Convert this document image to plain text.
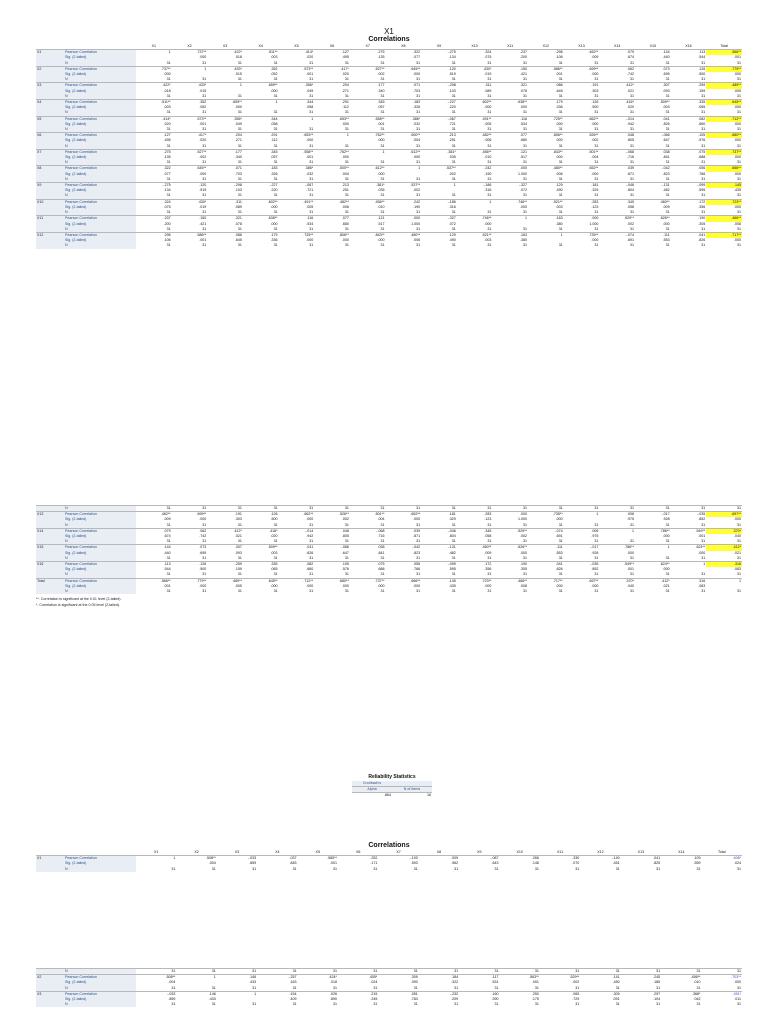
X1
Correlations
		X1	X2	X3	X4	X5	X6	X7	X8	X9	X10	X11	X12	X13	X14	X15	X16	Total
X1	Pearson Correlation	1	.737**	.422*	.511**	.414*	.127	.275	.322	-.275	.324	.237	.296	.462**	.079	.144	.113	.566**
	Sig. (2-tailed)		.000	.018	.003	.020	.495	.135	.077	.134	.075	.200	.106	.009	.674	.440	.544	.001
	N	31	31	31	31	31	31	31	31	31	31	31	31	31	31	31	31	31
X2	Pearson Correlation	.737**	1	.433*	.352	.573**	.417*	.527**	.645**	.120	.430*	.150	.586**	.699**	.062	.073	.126	.779**
	Sig. (2-tailed)	.000		.015	.052	.001	.020	.002	.000	.519	.019	.421	.001	.000	.742	.695	.500	.000
	N	31	31	31	31	31	31	31	31	31	31	31	31	31	31	31	31	31
X3	Pearson Correlation	.422*	.433*	1	.659**	.356*	.204	.177	.071	-.298	.311	.321	.086	.191	.412*	.307	.259	.489**
	Sig. (2-tailed)	.018	.015		.000	.049	.271	.340	.703	.103	.089	.078	.645	.303	.021	.093	.159	.005
	N	31	31	31	31	31	31	31	31	31	31	31	31	31	31	31	31	31
X4	Pearson Correlation	.511**	.352	.659**	1	.344	.291	.345	.183	-.227	.602**	.638**	.179	.126	.416*	.509**	.335	.645**
	Sig. (2-tailed)	.003	.052	.000		.058	.112	.057	.326	.220	.000	.000	.336	.500	.020	.003	.065	.000
	N	31	31	31	31	31	31	31	31	31	31	31	31	31	31	31	31	31
X5	Pearson Correlation	.414*	.573**	.356*	.344	1	.653**	.558**	.386*	-.067	.491**	.116	.725**	.662**	-.014	.041	.082	.712**
	Sig. (2-tailed)	.020	.001	.049	.058		.000	.001	.032	.721	.005	.534	.000	.000	.942	.826	.660	.000
	N	31	31	31	31	31	31	31	31	31	31	31	31	31	31	31	31	31
X6	Pearson Correlation	.127	.417*	.204	.291	.653**	1	.762**	.500**	.213	.482**	.077	.806**	.526**	.048	-.066	.105	.680**
	Sig. (2-tailed)	.495	.020	.271	.112	.000		.000	.004	.251	.006	.680	.000	.002	.805	.647	.576	.000
	N	31	31	31	31	31	31	31	31	31	31	31	31	31	31	31	31	31
X7	Pearson Correlation	.275	.527**	.177	.345	.558**	.762**	1	.612**	.381*	.456**	.121	.843**	.501**	-.068	.038	.075	.737**
	Sig. (2-tailed)	.135	.002	.340	.057	.001	.000		.000	.035	.010	.517	.000	.004	.716	.841	.688	.000
	N	31	31	31	31	31	31	31	31	31	31	31	31	31	31	31	31	31
X8	Pearson Correlation	.322	.645**	.071	.183	.386*	.500**	.612**	1	.537**	.242	.000	.480**	.652**	.039	-.042	.056	.666**
	Sig. (2-tailed)	.077	.000	.703	.326	.032	.004	.000		.002	.190	1.000	.006	.000	.871	.823	.766	.000
	N	31	31	31	31	31	31	31	31	31	31	31	31	31	31	31	31	31
X9	Pearson Correlation	-.275	.120	-.298	-.227	-.067	.213	.381*	.537**	1	-.186	-.327	.129	.181	-.046	-.131	-.099	.145
	Sig. (2-tailed)	.134	.519	.103	.220	.721	.251	.035	.002		.316	.072	.490	.329	.804	.482	.595	.435
	N	31	31	31	31	31	31	31	31	31	31	31	31	31	31	31	31	31
X10	Pearson Correlation	.324	.430*	.311	.602**	.491**	.482**	.456**	.242	-.186	1	.746**	.521**	.283	.345	.460**	.172	.723**
	Sig. (2-tailed)	.075	.019	.089	.000	.005	.006	.010	.190	.316		.000	.003	.123	.058	.009	.356	.000
	N	31	31	31	31	31	31	31	31	31	31	31	31	31	31	31	31	31
X11	Pearson Correlation	.237	.150	.321	.638**	.116	.077	.121	.000	-.327	.746**	1	.163	.000	.529**	.626**	.190	.466**
	Sig. (2-tailed)	.200	.421	.078	.000	.534	.680	.517	1.000	.072	.000		.380	1.000	.002	.000	.305	.008
	N	31	31	31	31	31	31	31	31	31	31	31	31	31	31	31	31	31
X12	Pearson Correlation	.296	.586**	.086	.179	.725**	.806**	.843**	.480**	.129	.521**	.163	1	.735**	-.074	.111	.041	.717**
	Sig. (2-tailed)	.106	.001	.645	.336	.000	.000	.000	.006	.490	.003	.380		.000	.691	.553	.826	.000
	N	31	31	31	31	31	31	31	31	31	31	31	31	31	31	31	31	31
	N	31	31	31	31	31	31	31	31	31	31	31	31	31	31	31	31	31
X13	Pearson Correlation	.462**	.699**	.191	.126	.662**	.526**	.501**	.652**	.181	.283	.000	.735**	1	.006	-.017	-.035	.697**
	Sig. (2-tailed)	.009	.000	.303	.500	.000	.002	.004	.000	.329	.123	1.000	.000		.975	.928	.852	.000
	N	31	31	31	31	31	31	31	31	31	31	31	31	31	31	31	31	31
X14	Pearson Correlation	.079	.062	.412*	.416*	-.014	.048	-.068	.039	-.046	.345	.529**	-.074	.006	1	.786**	.549**	.370*
	Sig. (2-tailed)	.674	.742	.021	.020	.942	.805	.716	.871	.804	.058	.002	.691	.975		.000	.001	.040
	N	31	31	31	31	31	31	31	31	31	31	31	31	31	31	31	31	31
X15	Pearson Correlation	.144	.073	.307	.509**	.041	-.086	.038	-.042	-.131	.460**	.626**	.111	-.017	.786**	1	.624**	.412*
	Sig. (2-tailed)	.440	.695	.093	.003	.826	.647	.841	.823	.482	.009	.000	.553	.928	.000		.000	.021
	N	31	31	31	31	31	31	31	31	31	31	31	31	31	31	31	31	31
X16	Pearson Correlation	.113	.126	.259	.335	.082	.105	.075	.056	-.099	.172	.190	.041	-.035	.549**	.624**	1	.316
	Sig. (2-tailed)	.544	.500	.159	.065	.660	.576	.688	.766	.595	.356	.305	.826	.852	.001	.000		.083
	N	31	31	31	31	31	31	31	31	31	31	31	31	31	31	31	31	31
Total	Pearson Correlation	.566**	.779**	.489**	.645**	.712**	.680**	.737**	.666**	.145	.723**	.466**	.717**	.697**	.370*	.412*	.316	1
	Sig. (2-tailed)	.001	.000	.005	.000	.000	.000	.000	.000	.435	.000	.008	.000	.000	.040	.021	.083	
	N	31	31	31	31	31	31	31	31	31	31	31	31	31	31	31	31	31
**. Correlation is significant at the 0.01 level (2-tailed).
*. Correlation is significant at the 0.05 level (2-tailed).
Reliability Statistics
Cronbach's	

Alpha	N of Items
.864	16
Correlations
		X1	X2	X3	X4	X5	X6	X7	X8	X9	X10	X11	X12	X13	X14	Total
X1	Pearson Correlation	1	.508**	-.033	.037	.585**	.252	-.100	.009	-.087	.266	.330	-.140	.041	.109	.408*
	Sig. (2-tailed)		.004	.859	.845	.001	.171	.593	.962	.643	.148	.070	.451	.825	.559	.024
	N	31	31	31	31	31	31	31	31	31	31	31	31	31	31	31
	N	31	31	31	31	31	31	31	31	31	31	31	31	31	31	31
X2	Pearson Correlation	.508**	1	.146	-.257	.424*	.405*	.309	.184	.117	.563**	.529**	.141	.245	.456**	.703**
	Sig. (2-tailed)	.004		.433	.163	.018	.024	.090	.322	.531	.001	.002	.450	.185	.010	.000
	N	31	31	31	31	31	31	31	31	31	31	31	31	31	31	31
X3	Pearson Correlation	-.033	.146	1	.154	.026	.215	.051	-.232	.160	.250	.065	.309	.297	.368*	.451*
	Sig. (2-tailed)	.859	.433		.409	.890	.245	.784	.209	.390	.175	.729	.091	.104	.042	.011
	N	31	31	31	31	31	31	31	31	31	31	31	31	31	31	31
